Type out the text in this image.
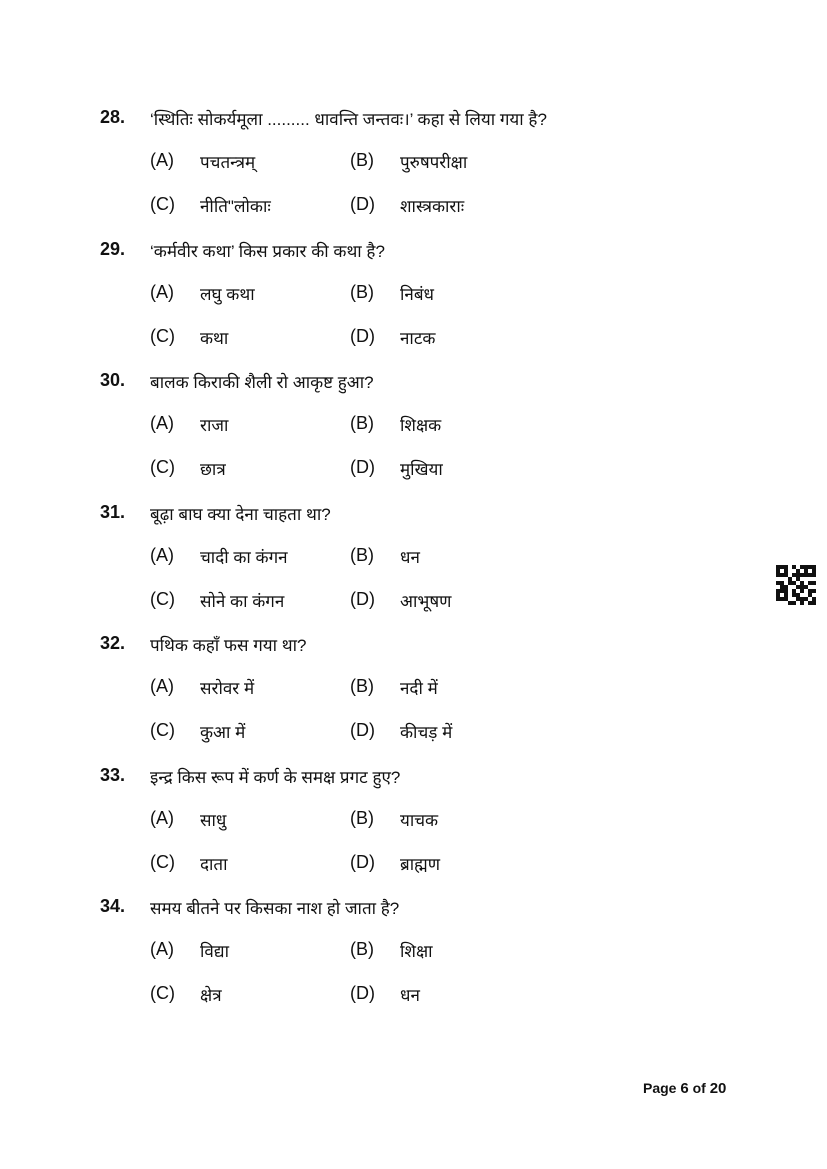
28. ‘स्थितिः सोकर्यमूला ......... धावन्ति जन्तवः।’ कहा से लिया गया है?
(A) पचतन्त्रम्	(B) पुरुषपरीक्षा
(C) नीति"लोकाः	(D) शास्त्रकाराः
29. ‘कर्मवीर कथा’ किस प्रकार की कथा है?
(A) लघु कथा	(B) निबंध
(C) कथा	(D) नाटक
30. बालक किराकी शैली रो आकृष्ट हुआ?
(A) राजा	(B) शिक्षक
(C) छात्र	(D) मुखिया
31. बूढ़ा बाघ क्या देना चाहता था?
(A) चादी का कंगन	(B) धन
(C) सोने का कंगन	(D) आभूषण
32. पथिक कहाँ फस गया था?
(A) सरोवर में	(B) नदी में
(C) कुआ में	(D) कीचड़ में
33. इन्द्र किस रूप में कर्ण के समक्ष प्रगट हुए?
(A) साधु	(B) याचक
(C) दाता	(D) ब्राह्मण
34. समय बीतने पर किसका नाश हो जाता है?
(A) विद्या	(B) शिक्षा
(C) क्षेत्र	(D) धन
Page 6 of 20
